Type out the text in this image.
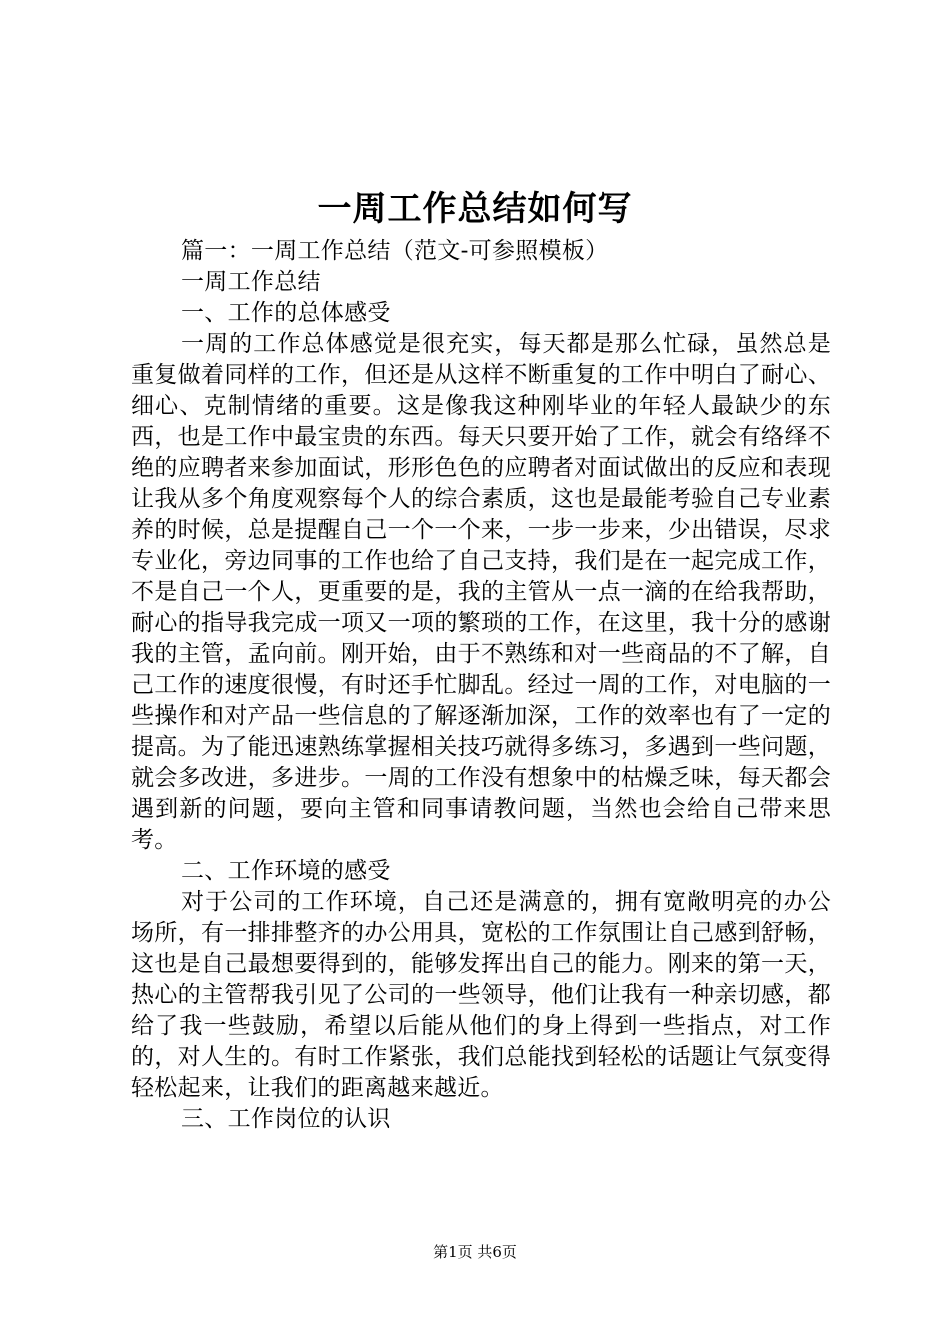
一周工作总结如何写

篇一：一周工作总结（范文-可参照模板）

一周工作总结

一、工作的总体感受

一周的工作总体感觉是很充实，每天都是那么忙碌，虽然总是重复做着同样的工作，但还是从这样不断重复的工作中明白了耐心、细心、克制情绪的重要。这是像我这种刚毕业的年轻人最缺少的东西，也是工作中最宝贵的东西。每天只要开始了工作，就会有络绎不绝的应聘者来参加面试，形形色色的应聘者对面试做出的反应和表现让我从多个角度观察每个人的综合素质，这也是最能考验自己专业素养的时候，总是提醒自己一个一个来，一步一步来，少出错误，尽求专业化，旁边同事的工作也给了自己支持，我们是在一起完成工作，不是自己一个人，更重要的是，我的主管从一点一滴的在给我帮助，耐心的指导我完成一项又一项的繁琐的工作，在这里，我十分的感谢我的主管，孟向前。刚开始，由于不熟练和对一些商品的不了解，自己工作的速度很慢，有时还手忙脚乱。经过一周的工作，对电脑的一些操作和对产品一些信息的了解逐渐加深，工作的效率也有了一定的提高。为了能迅速熟练掌握相关技巧就得多练习，多遇到一些问题，就会多改进，多进步。一周的工作没有想象中的枯燥乏味，每天都会遇到新的问题，要向主管和同事请教问题，当然也会给自己带来思考。

二、工作环境的感受

对于公司的工作环境，自己还是满意的，拥有宽敞明亮的办公场所，有一排排整齐的办公用具，宽松的工作氛围让自己感到舒畅，这也是自己最想要得到的，能够发挥出自己的能力。刚来的第一天，热心的主管帮我引见了公司的一些领导，他们让我有一种亲切感，都给了我一些鼓励，希望以后能从他们的身上得到一些指点，对工作的，对人生的。有时工作紧张，我们总能找到轻松的话题让气氛变得轻松起来，让我们的距离越来越近。

三、工作岗位的认识

第1页 共6页
